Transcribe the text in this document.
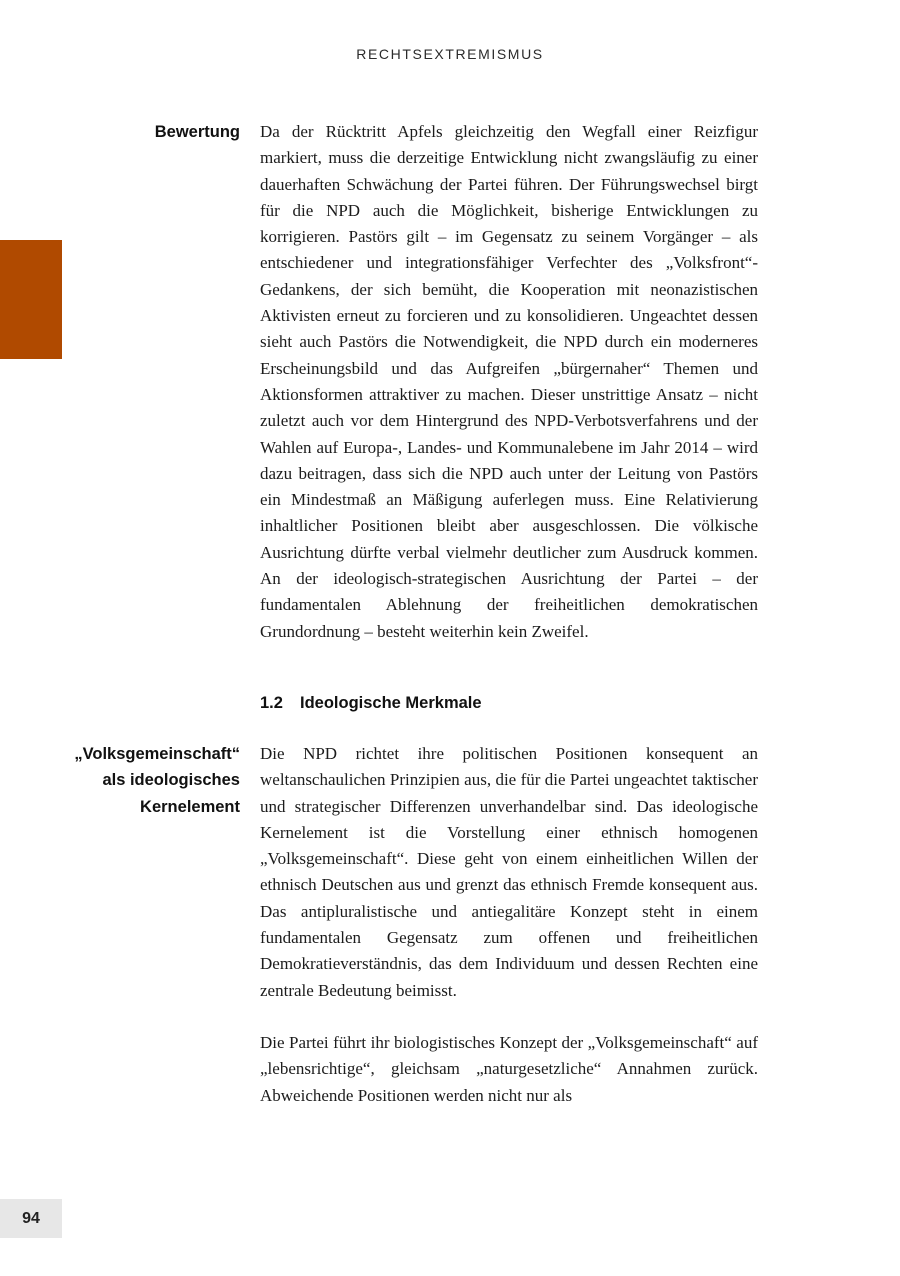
RECHTSEXTREMISMUS

Bewertung Da der Rücktritt Apfels gleichzeitig den Wegfall einer Reizfigur markiert, muss die derzeitige Entwicklung nicht zwangsläufig zu einer dauerhaften Schwächung der Partei führen. Der Führungswechsel birgt für die NPD auch die Möglichkeit, bisherige Entwicklungen zu korrigieren. Pastörs gilt – im Gegensatz zu seinem Vorgänger – als entschiedener und integrationsfähiger Verfechter des „Volksfront“-Gedankens, der sich bemüht, die Kooperation mit neonazistischen Aktivisten erneut zu forcieren und zu konsolidieren. Ungeachtet dessen sieht auch Pastörs die Notwendigkeit, die NPD durch ein moderneres Erscheinungsbild und das Aufgreifen „bürgernaher“ Themen und Aktionsformen attraktiver zu machen. Dieser unstrittige Ansatz – nicht zuletzt auch vor dem Hintergrund des NPD-Verbotsverfahrens und der Wahlen auf Europa-, Landes- und Kommunalebene im Jahr 2014 – wird dazu beitragen, dass sich die NPD auch unter der Leitung von Pastörs ein Mindestmaß an Mäßigung auferlegen muss. Eine Relativierung inhaltlicher Positionen bleibt aber ausgeschlossen. Die völkische Ausrichtung dürfte verbal vielmehr deutlicher zum Ausdruck kommen. An der ideologisch-strategischen Ausrichtung der Partei – der fundamentalen Ablehnung der freiheitlichen demokratischen Grundordnung – besteht weiterhin kein Zweifel.

1.2 Ideologische Merkmale

„Volksgemeinschaft“
als ideologisches
Kernelement

Die NPD richtet ihre politischen Positionen konsequent an weltanschaulichen Prinzipien aus, die für die Partei ungeachtet taktischer und strategischer Differenzen unverhandelbar sind. Das ideologische Kernelement ist die Vorstellung einer ethnisch homogenen „Volksgemeinschaft“. Diese geht von einem einheitlichen Willen der ethnisch Deutschen aus und grenzt das ethnisch Fremde konsequent aus. Das antipluralistische und antiegalitäre Konzept steht in einem fundamentalen Gegensatz zum offenen und freiheitlichen Demokratieverständnis, das dem Individuum und dessen Rechten eine zentrale Bedeutung beimisst.

Die Partei führt ihr biologistisches Konzept der „Volksgemeinschaft“ auf „lebensrichtige“, gleichsam „naturgesetzliche“ Annahmen zurück. Abweichende Positionen werden nicht nur als

94
